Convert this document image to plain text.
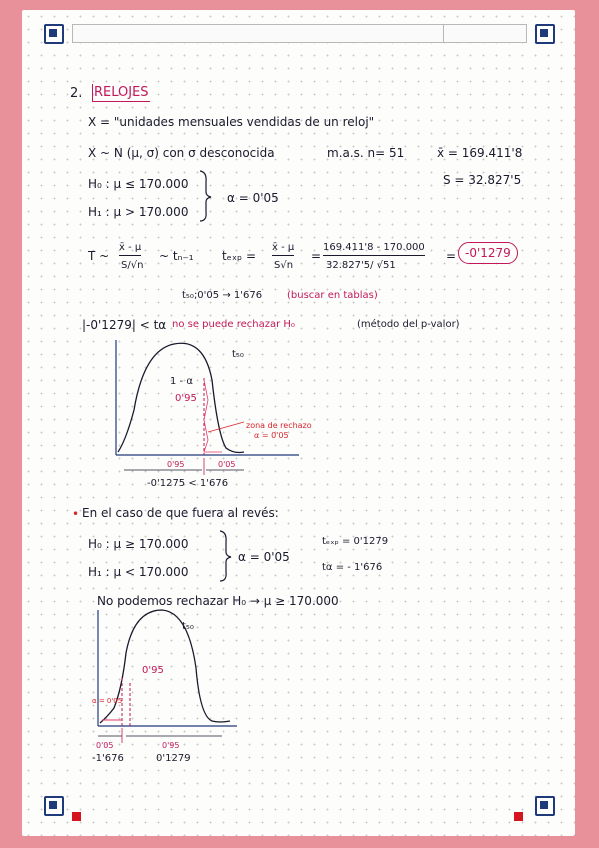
2. RELOJES
X = "unidades mensuales vendidas de un reloj"
X ~ N (μ, σ) con σ desconocida	m.a.s. n= 51	x̄ = 169.411'8
S = 32.827'5
H₀ : μ ≤ 170.000
H₁ : μ > 170.000
α = 0'05
T ~
x̄ - μ
S/√n
~ tₙ₋₁ tₑₓₚ =
x̄ - μ
S√n
=
169.411'8 - 170.000
32.827'5/ √51
= -0'1279
t₅₀;0'05 → 1'676 (buscar en tablas)
|-0'1279| < tα no se puede rechazar H₀	(método del p-valor)
t₅₀
1 - α
0'95
zona de rechazo
α = 0'05
0'95	0'05
-0'1275 < 1'676
• En el caso de que fuera al revés:
H₀ : μ ≥ 170.000
H₁ : μ < 170.000
α = 0'05
tₑₓₚ = 0'1279
tα = - 1'676
No podemos rechazar H₀ → μ ≥ 170.000
t₅₀
0'95
α = 0'05
0'05	0'95
-1'676	0'1279
